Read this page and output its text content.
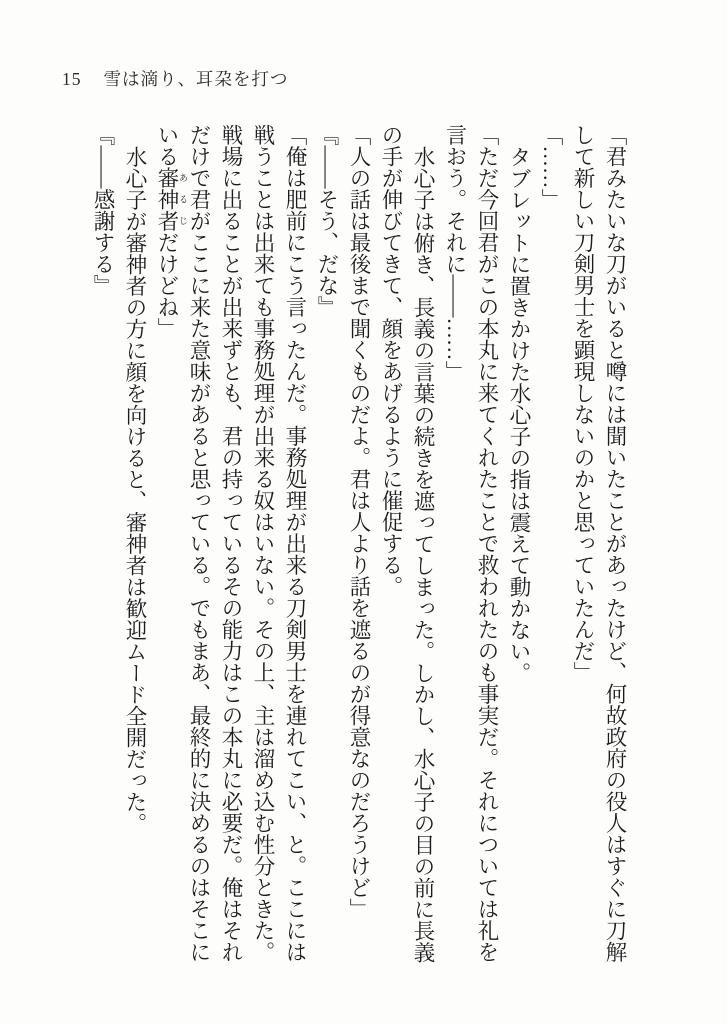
15 雪は滴り、耳朶を打つ

「君みたいな刀がいると噂には聞いたことがあったけど、何故政府の役人はすぐに刀解して新しい刀剣男士を顕現しないのかと思っていたんだ」

「……」

タブレットに置きかけた水心子の指は震えて動かない。

「ただ今回君がこの本丸に来てくれたことで救われたのも事実だ。それについては礼を言おう。それに――……」

水心子は俯き、長義の言葉の続きを遮ってしまった。しかし、水心子の目の前に長義の手が伸びてきて、顔をあげるように催促する。

「人の話は最後まで聞くものだよ。君は人より話を遮るのが得意なのだろうけど」

『――そう、だな』

「俺は肥前にこう言ったんだ。事務処理が出来る刀剣男士を連れてこい、と。ここには戦うことは出来ても事務処理が出来る奴はいない。その上、主は溜め込む性分ときた。戦場に出ることが出来ずとも、君の持っているその能力はこの本丸に必要だ。俺はそれだけで君がここに来た意味があると思っている。でもまあ、最終的に決めるのはそこにいる審神者 あるじだけどね」

水心子が審神者の方に顔を向けると、審神者は歓迎ムード全開だった。

『――感謝する』
